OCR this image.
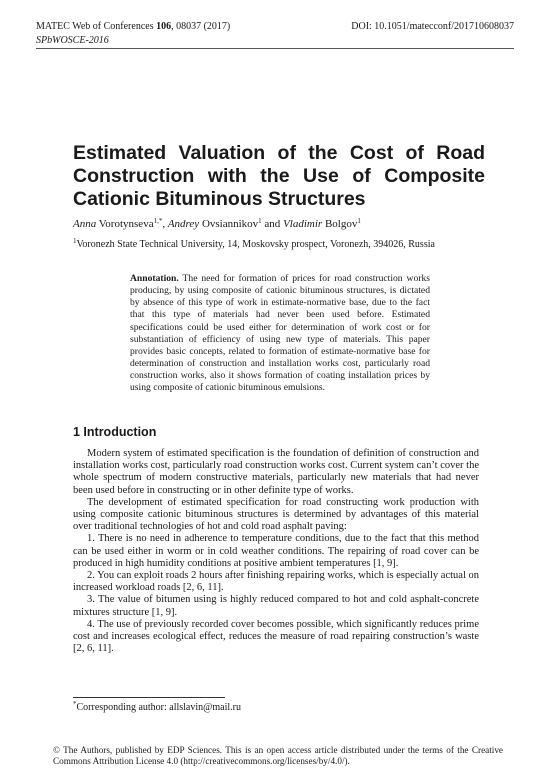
MATEC Web of Conferences 106, 08037 (2017)	DOI: 10.1051/matecconf/201710608037
SPbWOSCE-2016
Estimated Valuation of the Cost of Road Construction with the Use of Composite Cationic Bituminous Structures
Anna Vorotynseva$^{1,*}$, Andrey Ovsiannikov$^1$ and Vladimir Bolgov$^1$
$^1$Voronezh State Technical University, 14, Moskovsky prospect, Voronezh, 394026, Russia

Annotation. The need for formation of prices for road construction works producing, by using composite of cationic bituminous structures, is dictated by absence of this type of work in estimate-normative base, due to the fact that this type of materials had never been used before. Estimated specifications could be used either for determination of work cost or for substantiation of efficiency of using new type of materials. This paper provides basic concepts, related to formation of estimate-normative base for determination of construction and installation works cost, particularly road construction works, also it shows formation of coating installation prices by using composite of cationic bituminous emulsions.

1 Introduction

Modern system of estimated specification is the foundation of definition of construction and installation works cost, particularly road construction works cost. Current system can’t cover the whole spectrum of modern constructive materials, particularly new materials that had never been used before in constructing or in other definite type of works.

The development of estimated specification for road constructing work production with using composite cationic bituminous structures is determined by advantages of this material over traditional technologies of hot and cold road asphalt paving:

1. There is no need in adherence to temperature conditions, due to the fact that this method can be used either in worm or in cold weather conditions. The repairing of road cover can be produced in high humidity conditions at positive ambient temperatures [1, 9].

2. You can exploit roads 2 hours after finishing repairing works, which is especially actual on increased workload roads [2, 6, 11].

3. The value of bitumen using is highly reduced compared to hot and cold asphalt-concrete mixtures structure [1, 9].

4. The use of previously recorded cover becomes possible, which significantly reduces prime cost and increases ecological effect, reduces the measure of road repairing construction’s waste [2, 6, 11].

*Corresponding author: allslavin@mail.ru
© The Authors, published by EDP Sciences. This is an open access article distributed under the terms of the Creative Commons Attribution License 4.0 (http://creativecommons.org/licenses/by/4.0/).
